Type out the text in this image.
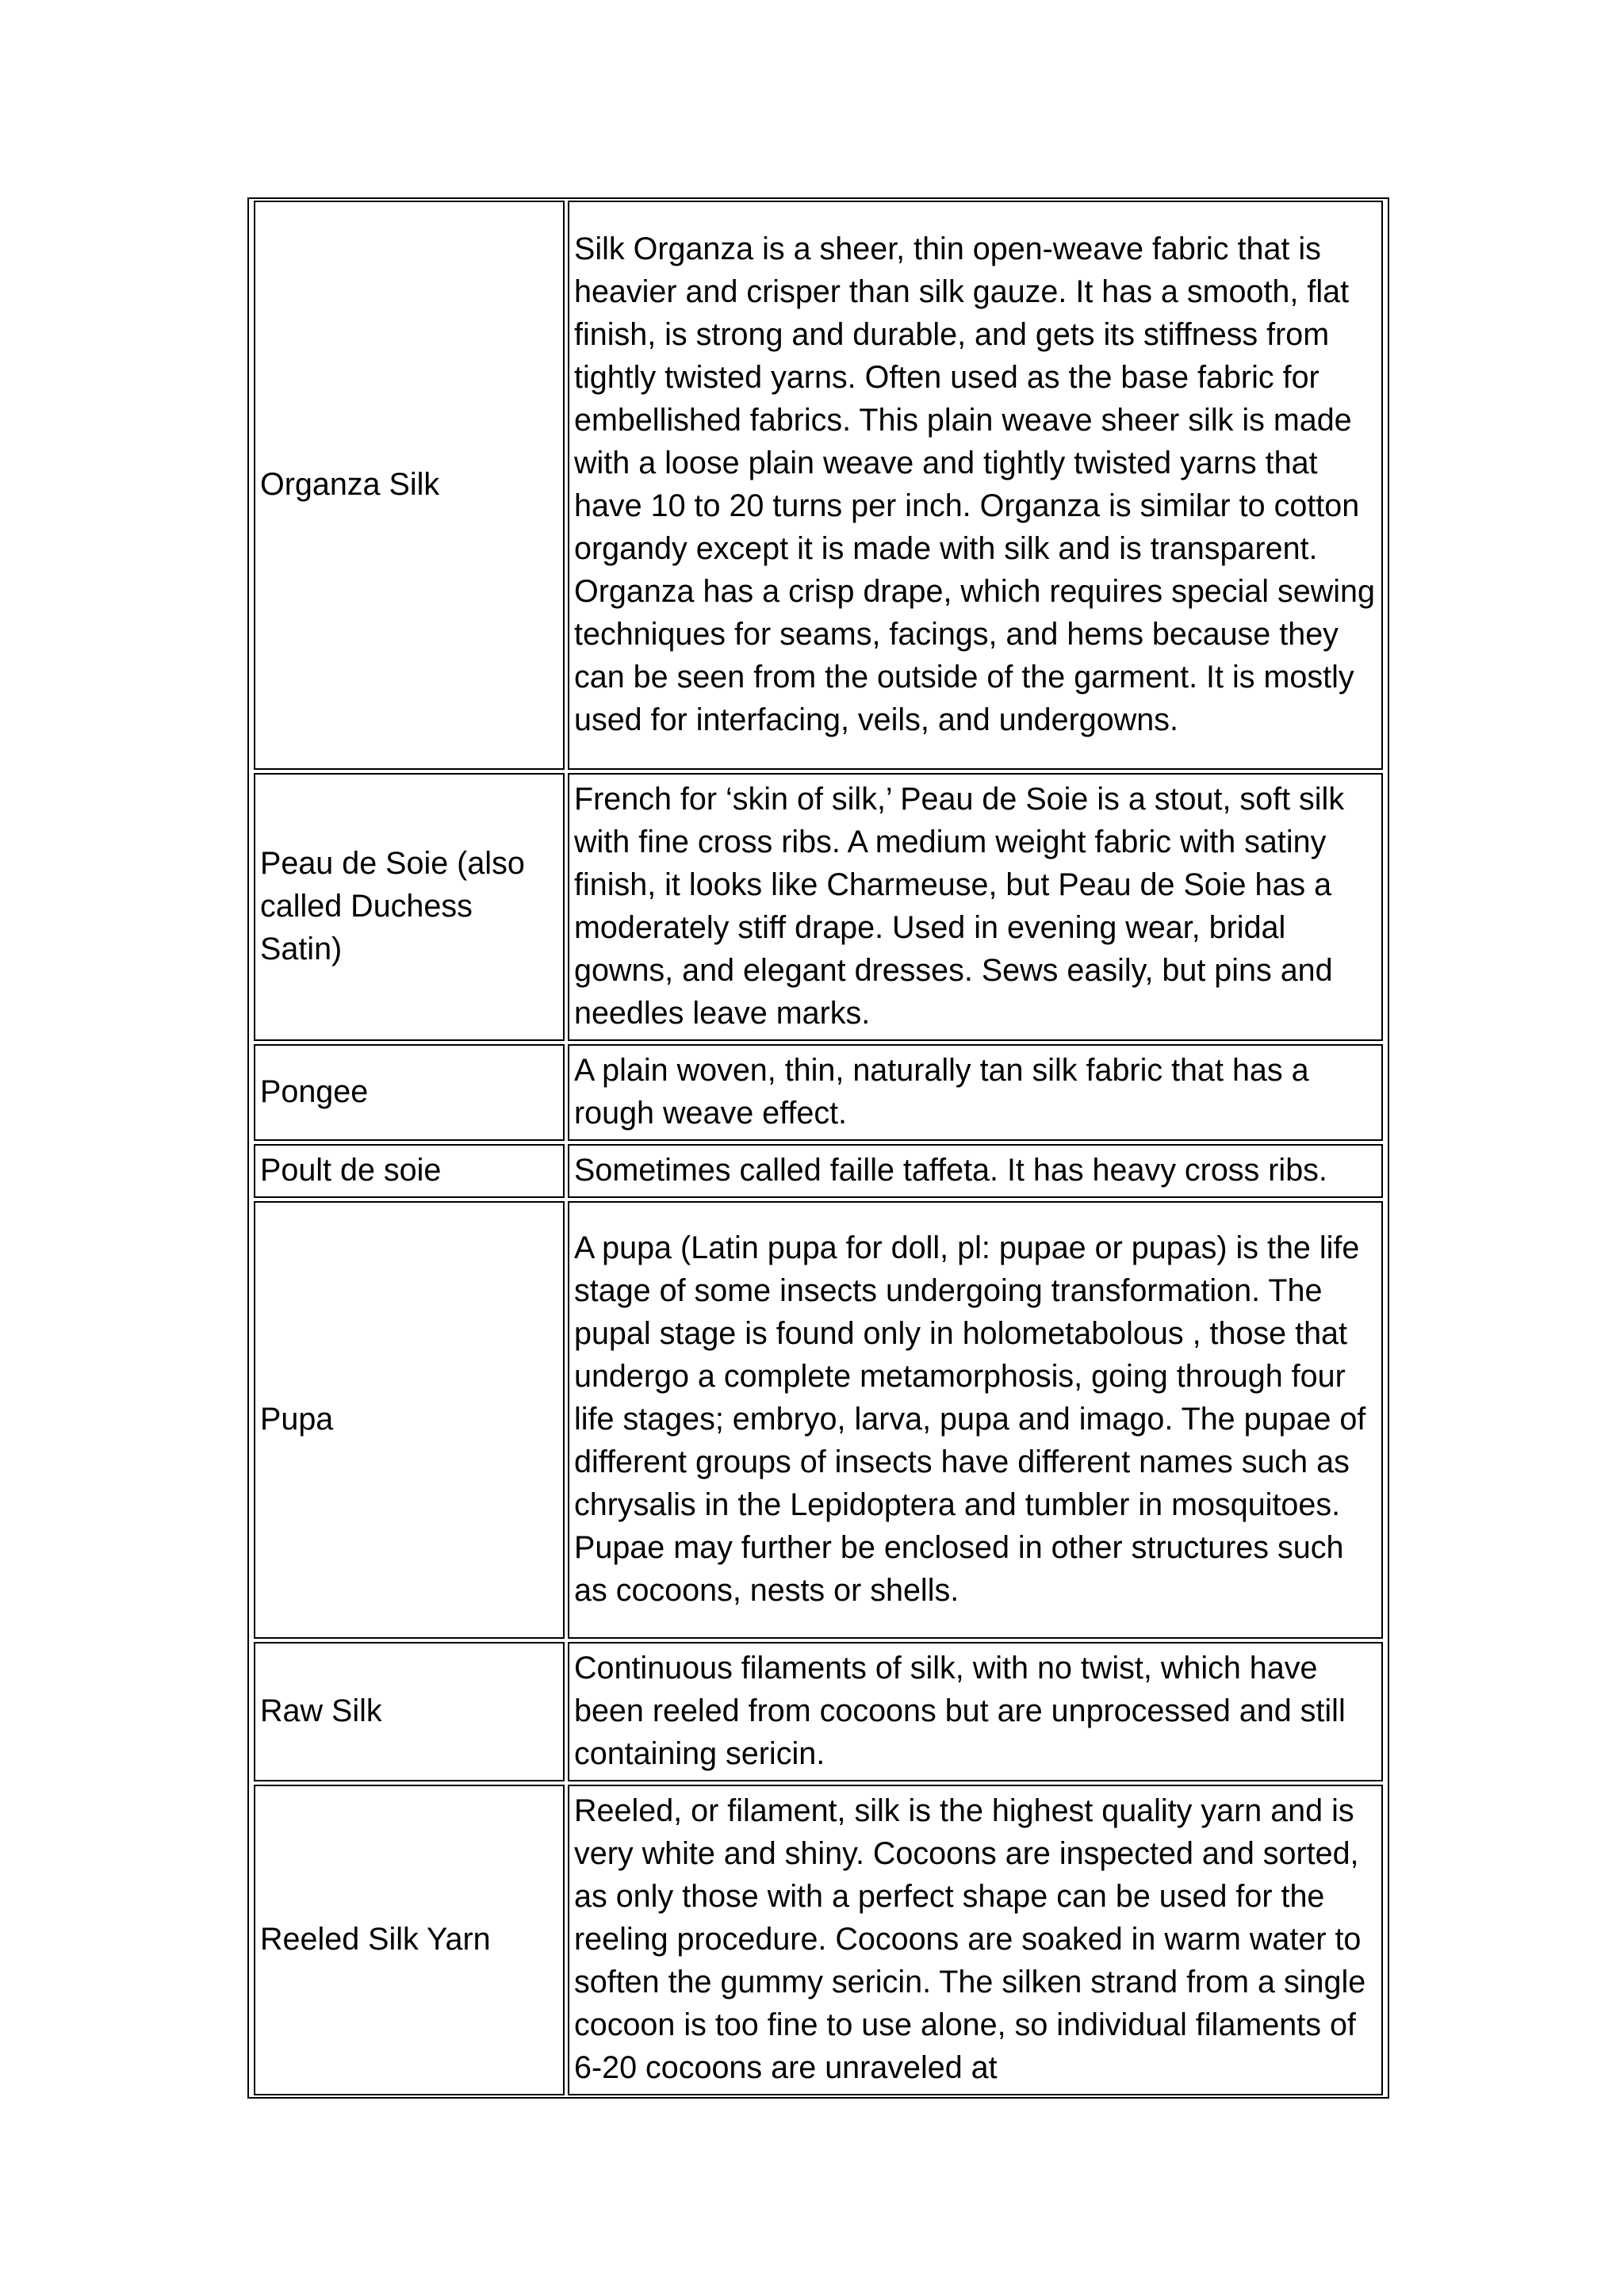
Organza Silk	Silk Organza is a sheer, thin open-weave fabric that is heavier and crisper than silk gauze. It has a smooth, flat finish, is strong and durable, and gets its stiffness from tightly twisted yarns. Often used as the base fabric for embellished fabrics. This plain weave sheer silk is made with a loose plain weave and tightly twisted yarns that have 10 to 20 turns per inch. Organza is similar to cotton organdy except it is made with silk and is transparent. Organza has a crisp drape, which requires special sewing techniques for seams, facings, and hems because they can be seen from the outside of the garment. It is mostly used for interfacing, veils, and undergowns.
Peau de Soie (also called Duchess Satin)	French for ‘skin of silk,’ Peau de Soie is a stout, soft silk with fine cross ribs. A medium weight fabric with satiny finish, it looks like Charmeuse, but Peau de Soie has a moderately stiff drape. Used in evening wear, bridal gowns, and elegant dresses. Sews easily, but pins and needles leave marks.
Pongee	A plain woven, thin, naturally tan silk fabric that has a rough weave effect.
Poult de soie	Sometimes called faille taffeta. It has heavy cross ribs.
Pupa	A pupa (Latin pupa for doll, pl: pupae or pupas) is the life stage of some insects undergoing transformation. The pupal stage is found only in holometabolous , those that undergo a complete metamorphosis, going through four life stages; embryo, larva, pupa and imago. The pupae of different groups of insects have different names such as chrysalis in the Lepidoptera and tumbler in mosquitoes. Pupae may further be enclosed in other structures such as cocoons, nests or shells.
Raw Silk	Continuous filaments of silk, with no twist, which have been reeled from cocoons but are unprocessed and still containing sericin.
Reeled Silk Yarn	Reeled, or filament, silk is the highest quality yarn and is very white and shiny. Cocoons are inspected and sorted, as only those with a perfect shape can be used for the reeling procedure. Cocoons are soaked in warm water to soften the gummy sericin. The silken strand from a single cocoon is too fine to use alone, so individual filaments of 6-20 cocoons are unraveled at
